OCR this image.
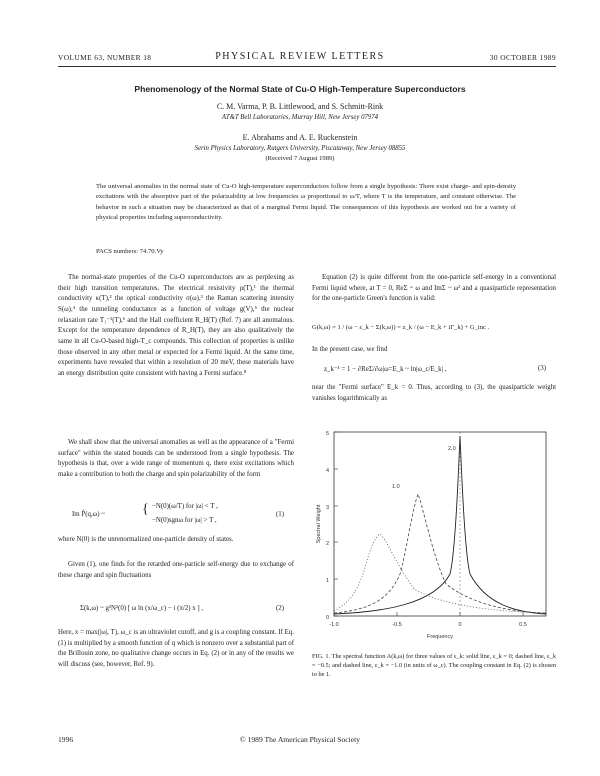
VOLUME 63, NUMBER 18	PHYSICAL REVIEW LETTERS	30 OCTOBER 1989
Phenomenology of the Normal State of Cu-O High-Temperature Superconductors
C. M. Varma, P. B. Littlewood, and S. Schmitt-Rink
AT&T Bell Laboratories, Murray Hill, New Jersey 07974
E. Abrahams and A. E. Ruckenstein
Serin Physics Laboratory, Rutgers University, Piscataway, New Jersey 08855
(Received 7 August 1989)
The universal anomalies in the normal state of Cu-O high-temperature superconductors follow from a single hypothesis: There exist charge- and spin-density excitations with the absorptive part of the polarizability at low frequencies ω proportional to ω/T, where T is the temperature, and constant otherwise. The behavior in such a situation may be characterized as that of a marginal Fermi liquid. The consequences of this hypothesis are worked out for a variety of physical properties including superconductivity.
PACS numbers: 74.70.Vy
The normal-state properties of the Cu-O superconductors are as perplexing as their high transition temperatures. The electrical resistivity ρ(T),¹ the thermal conductivity κ(T),² the optical conductivity σ(ω),³ the Raman scattering intensity S(ω),⁴ the tunneling conductance as a function of voltage g(V),⁵ the nuclear relaxation rate T₁⁻¹(T),⁶ and the Hall coefficient R_H(T) (Ref. 7) are all anomalous. Except for the temperature dependence of R_H(T), they are also qualitatively the same in all Cu-O-based high-T_c compounds. This collection of properties is unlike those observed in any other metal or expected for a Fermi liquid. At the same time, experiments have revealed that within a resolution of 20 meV, these materials have an energy distribution quite consistent with having a Fermi surface.⁸
We shall show that the universal anomalies as well as the appearance of a "Fermi surface" within the stated bounds can be understood from a single hypothesis. The hypothesis is that, over a wide range of momentum q, there exist excitations which make a contribution to both the charge and spin polarizability of the form
Im P̃(q,ω) ~	{ −N(0)(ω/T) for |ω| < T ,
−N(0)sgnω for |ω| > T ,
(1)
where N(0) is the unrenormalized one-particle density of states.
Given (1), one finds for the retarded one-particle self-energy due to exchange of these charge and spin fluctuations
Σ(k,ω) ~ g²N²(0) [ ω ln (x/ω_c) − i (π/2) x ] ,	(2)
Here, x = max(|ω|, T), ω_c is an ultraviolet cutoff, and g is a coupling constant. If Eq. (1) is multiplied by a smooth function of q which is nonzero over a substantial part of the Brillouin zone, no qualitative change occurs in Eq. (2) or in any of the results we will discuss (see, however, Ref. 9).
Equation (2) is quite different from the one-particle self-energy in a conventional Fermi liquid where, at T = 0, ReΣ ~ ω and ImΣ ~ ω² and a quasiparticle representation for the one-particle Green's function is valid:
G(k,ω) = 1 / (ω − ε_k − Σ(k,ω)) = z_k / (ω − E_k + iΓ_k) + G_inc .
In the present case, we find
z_k⁻¹ = 1 − ∂ReΣ/∂ω|ω=E_k ~ ln|ω_c/E_k| ,	(3)
near the "Fermi surface" E_k = 0. Thus, according to (3), the quasiparticle weight vanishes logarithmically as
1.0
2.0
0
1
2
3
4
5
-1.0	-0.5	0	0.5
Frequency
Spectral Weight
FIG. 1. The spectral function A(k,ω) for three values of ε_k: solid line, ε_k = 0; dashed line, ε_k = −0.5; and dashed line, ε_k = −1.0 (in units of ω_c). The coupling constant in Eq. (2) is chosen to be 1.
1996	© 1989 The American Physical Society
